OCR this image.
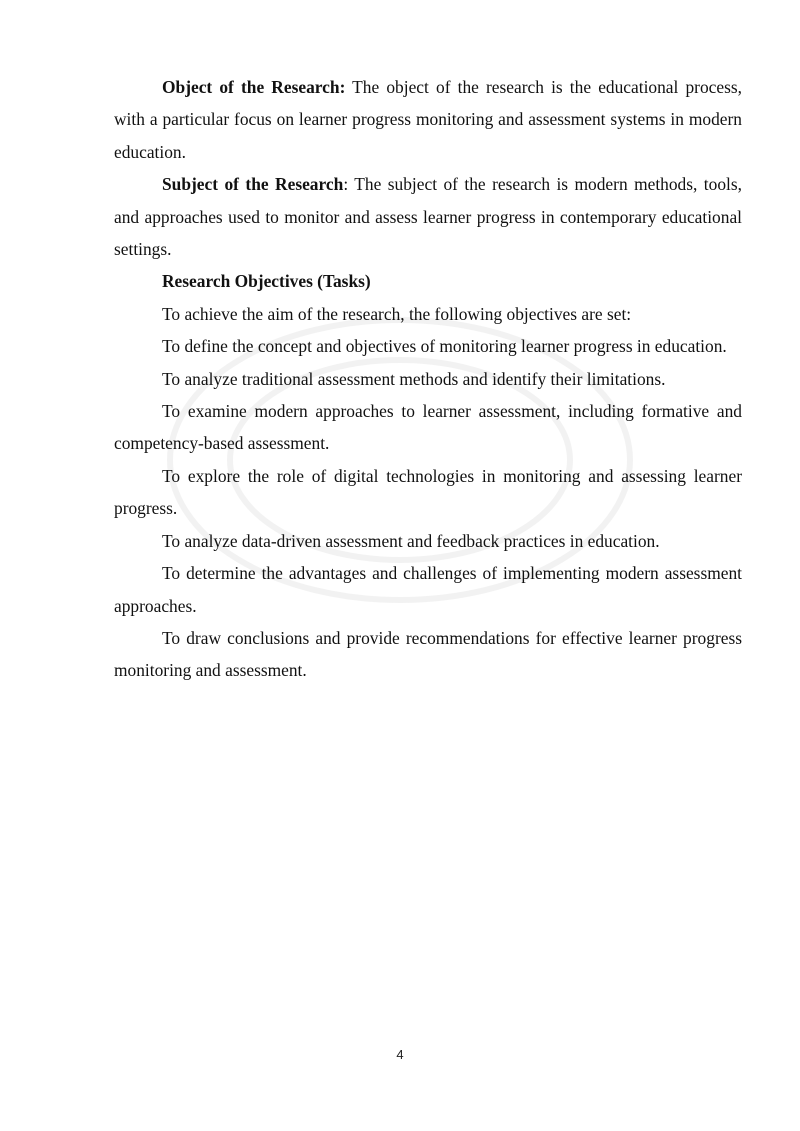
Object of the Research: The object of the research is the educational process, with a particular focus on learner progress monitoring and assessment systems in modern education.

Subject of the Research: The subject of the research is modern methods, tools, and approaches used to monitor and assess learner progress in contemporary educational settings.

Research Objectives (Tasks)

To achieve the aim of the research, the following objectives are set:

To define the concept and objectives of monitoring learner progress in education.

To analyze traditional assessment methods and identify their limitations.

To examine modern approaches to learner assessment, including formative and competency-based assessment.

To explore the role of digital technologies in monitoring and assessing learner progress.

To analyze data-driven assessment and feedback practices in education.

To determine the advantages and challenges of implementing modern assessment approaches.

To draw conclusions and provide recommendations for effective learner progress monitoring and assessment.

4
